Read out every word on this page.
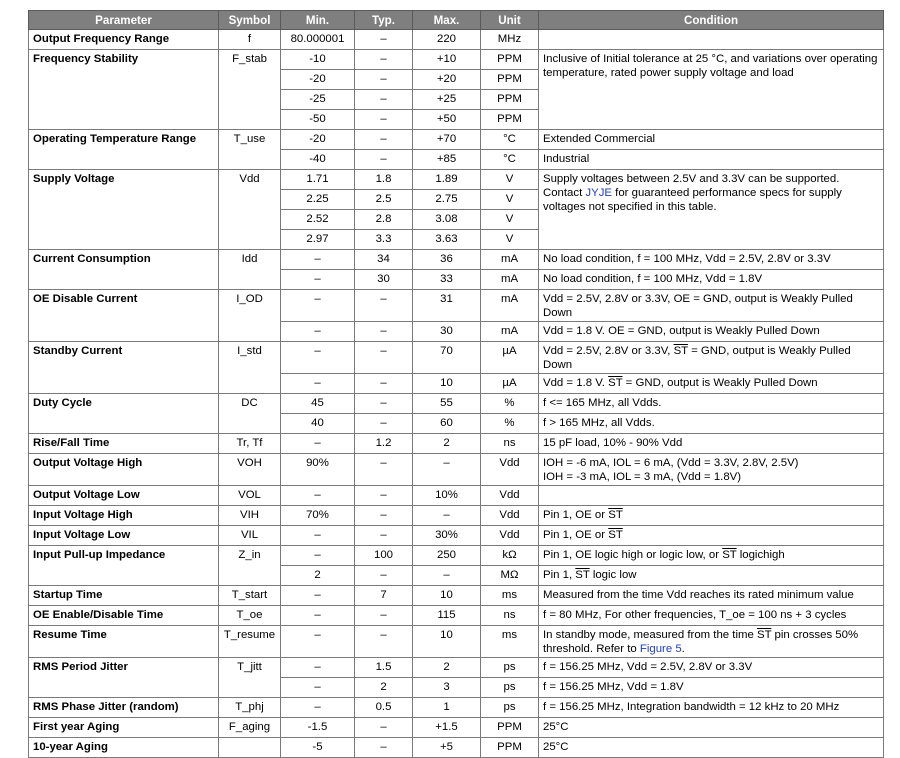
Parameter	Symbol	Min.	Typ.	Max.	Unit	Condition
Output Frequency Range	f	80.000001	–	220	MHz	
Frequency Stability	F_stab	-10	–	+10	PPM	Inclusive of Initial tolerance at 25 °C, and variations over operating temperature, rated power supply voltage and load
		-20	–	+20	PPM	
		-25	–	+25	PPM	
		-50	–	+50	PPM	
Operating Temperature Range	T_use	-20	–	+70	°C	Extended Commercial
		-40	–	+85	°C	Industrial
Supply Voltage	Vdd	1.71	1.8	1.89	V	Supply voltages between 2.5V and 3.3V can be supported. Contact JYJE for guaranteed performance specs for supply voltages not specified in this table.
		2.25	2.5	2.75	V	
		2.52	2.8	3.08	V	
		2.97	3.3	3.63	V	
Current Consumption	Idd	–	34	36	mA	No load condition, f = 100 MHz, Vdd = 2.5V, 2.8V or 3.3V
		–	30	33	mA	No load condition, f = 100 MHz, Vdd = 1.8V
OE Disable Current	I_OD	–	–	31	mA	Vdd = 2.5V, 2.8V or 3.3V, OE = GND, output is Weakly Pulled Down
		–	–	30	mA	Vdd = 1.8 V. OE = GND, output is Weakly Pulled Down
Standby Current	I_std	–	–	70	µA	Vdd = 2.5V, 2.8V or 3.3V, $\overline{ST}$ = GND, output is Weakly Pulled Down
		–	–	10	µA	Vdd = 1.8 V. $\overline{ST}$ = GND, output is Weakly Pulled Down
Duty Cycle	DC	45	–	55	%	f <= 165 MHz, all Vdds.
		40	–	60	%	f > 165 MHz, all Vdds.
Rise/Fall Time	Tr, Tf	–	1.2	2	ns	15 pF load, 10% - 90% Vdd
Output Voltage High	VOH	90%	–	–	Vdd	IOH = -6 mA, IOL = 6 mA, (Vdd = 3.3V, 2.8V, 2.5V)
IOH = -3 mA, IOL = 3 mA, (Vdd = 1.8V)

Output Voltage Low	VOL	–	–	10%	Vdd	
Input Voltage High	VIH	70%	–	–	Vdd	Pin 1, OE or $\overline{ST}$
Input Voltage Low	VIL	–	–	30%	Vdd	Pin 1, OE or $\overline{ST}$
Input Pull-up Impedance	Z_in	–	100	250	kΩ	Pin 1, OE logic high or logic low, or $\overline{ST}$ logichigh
		2	–	–	MΩ	Pin 1, $\overline{ST}$ logic low
Startup Time	T_start	–	7	10	ms	Measured from the time Vdd reaches its rated minimum value
OE Enable/Disable Time	T_oe	–	–	115	ns	f = 80 MHz, For other frequencies, T_oe = 100 ns + 3 cycles
Resume Time	T_resume	–	–	10	ms	In standby mode, measured from the time $\overline{ST}$ pin crosses 50% threshold. Refer to Figure 5.
RMS Period Jitter	T_jitt	–	1.5	2	ps	f = 156.25 MHz, Vdd = 2.5V, 2.8V or 3.3V
		–	2	3	ps	f = 156.25 MHz, Vdd = 1.8V
RMS Phase Jitter (random)	T_phj	–	0.5	1	ps	f = 156.25 MHz, Integration bandwidth = 12 kHz to 20 MHz
First year Aging	F_aging	-1.5	–	+1.5	PPM	25°C
10-year Aging		-5	–	+5	PPM	25°C
